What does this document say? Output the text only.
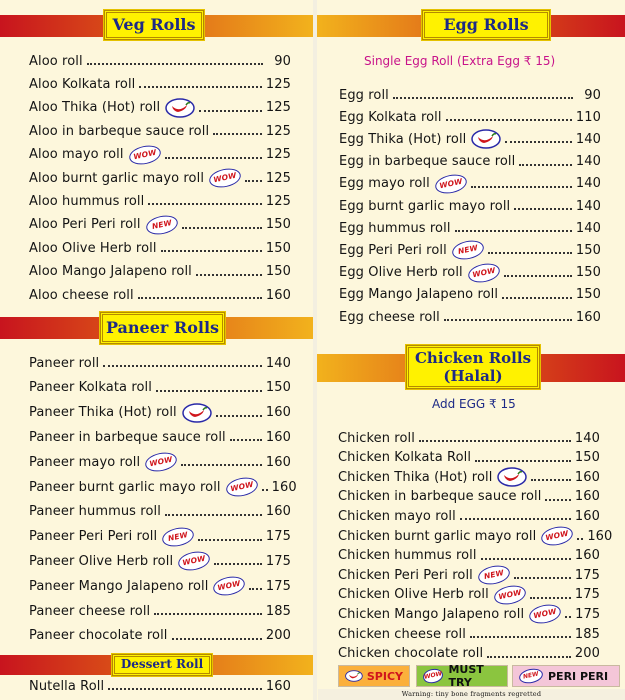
Veg Rolls
Aloo roll	90
Aloo Kolkata roll	125
Aloo Thika (Hot) roll	125
Aloo in barbeque sauce roll	125
Aloo mayo roll	WOW	125
Aloo burnt garlic mayo roll	WOW	125
Aloo hummus roll	125
Aloo Peri Peri roll	NEW	150
Aloo Olive Herb roll	150
Aloo Mango Jalapeno roll	150
Aloo cheese roll	160
Paneer Rolls
Paneer roll	140
Paneer Kolkata roll	150
Paneer Thika (Hot) roll	160
Paneer in barbeque sauce roll	160
Paneer mayo roll	WOW	160
Paneer burnt garlic mayo roll	WOW	160
Paneer hummus roll	160
Paneer Peri Peri roll	NEW	175
Paneer Olive Herb roll	WOW	175
Paneer Mango Jalapeno roll	WOW	175
Paneer cheese roll	185
Paneer chocolate roll	200
Dessert Roll
Nutella Roll	160
Egg Rolls
Single Egg Roll (Extra Egg ₹ 15)
Egg roll	90
Egg Kolkata roll	110
Egg Thika (Hot) roll	140
Egg in barbeque sauce roll	140
Egg mayo roll	WOW	140
Egg burnt garlic mayo roll	140
Egg hummus roll	140
Egg Peri Peri roll	NEW	150
Egg Olive Herb roll	WOW	150
Egg Mango Jalapeno roll	150
Egg cheese roll	160
Chicken Rolls
(Halal)
Add EGG ₹ 15
Chicken roll	140
Chicken Kolkata Roll	150
Chicken Thika (Hot) roll	160
Chicken in barbeque sauce roll	160
Chicken mayo roll	160
Chicken burnt garlic mayo roll	WOW	160
Chicken hummus roll	160
Chicken Peri Peri roll	NEW	175
Chicken Olive Herb roll	WOW	175
Chicken Mango Jalapeno roll	WOW	175
Chicken cheese roll	185
Chicken chocolate roll	200
SPICY	WOW MUST TRY
NEW PERI PERI
Warning: tiny bone fragments regretted
